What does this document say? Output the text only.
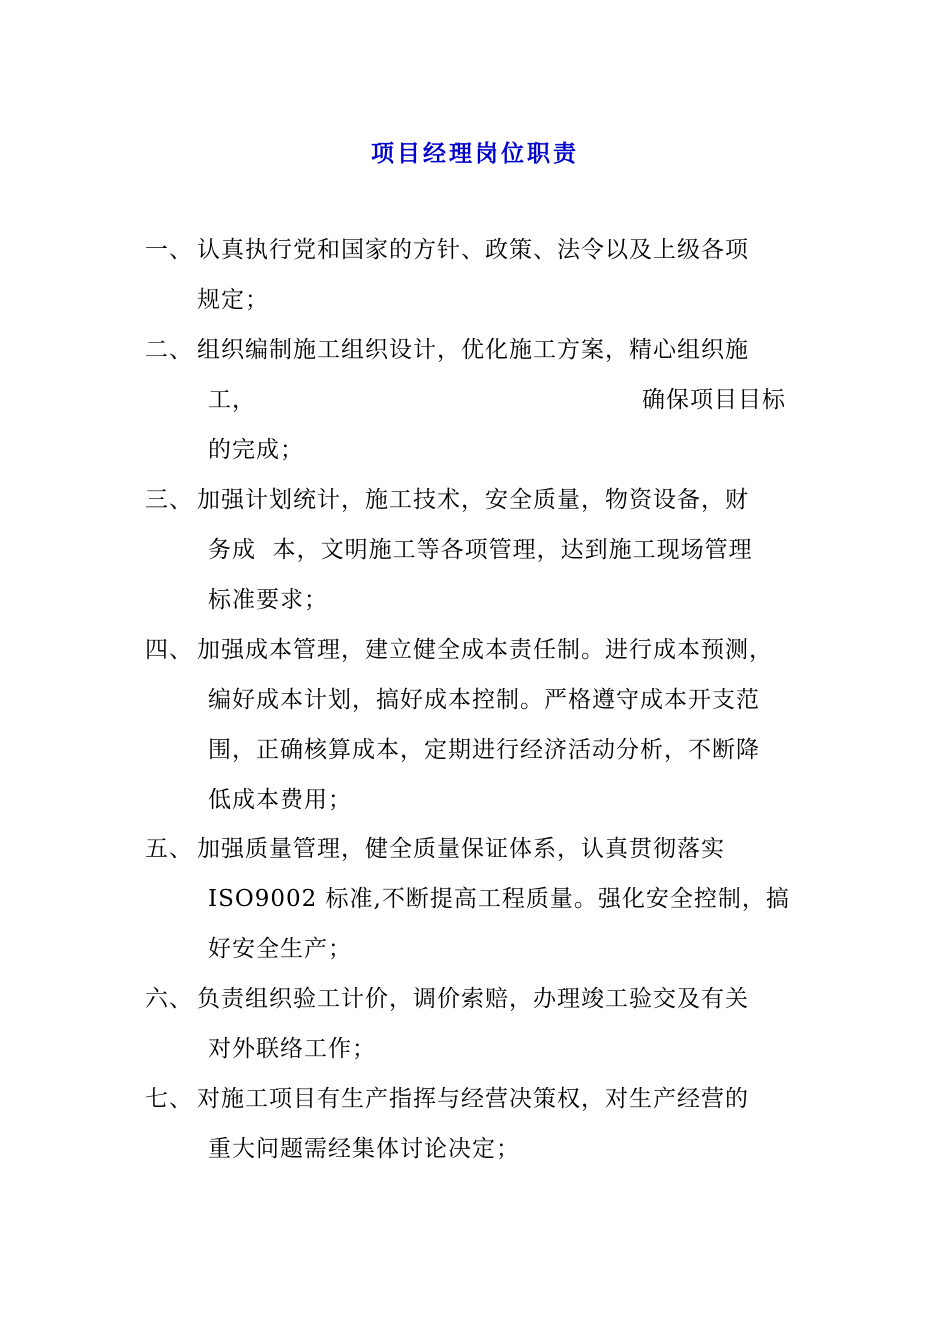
项目经理岗位职责
一、 认真执行党和国家的方针、政策、法令以及上级各项
规定；
二、 组织编制施工组织设计，优化施工方案，精心组织施
工，	确保项目目标
的完成；
三、 加强计划统计，施工技术，安全质量，物资设备，财
务成  本，文明施工等各项管理，达到施工现场管理
标准要求；
四、 加强成本管理，建立健全成本责任制。进行成本预测，
编好成本计划，搞好成本控制。严格遵守成本开支范
围，正确核算成本，定期进行经济活动分析，不断降
低成本费用；
五、 加强质量管理，健全质量保证体系，认真贯彻落实
ISO9002 标准,不断提高工程质量。强化安全控制，搞
好安全生产；
六、 负责组织验工计价，调价索赔，办理竣工验交及有关
对外联络工作；
七、 对施工项目有生产指挥与经营决策权，对生产经营的
重大问题需经集体讨论决定；
